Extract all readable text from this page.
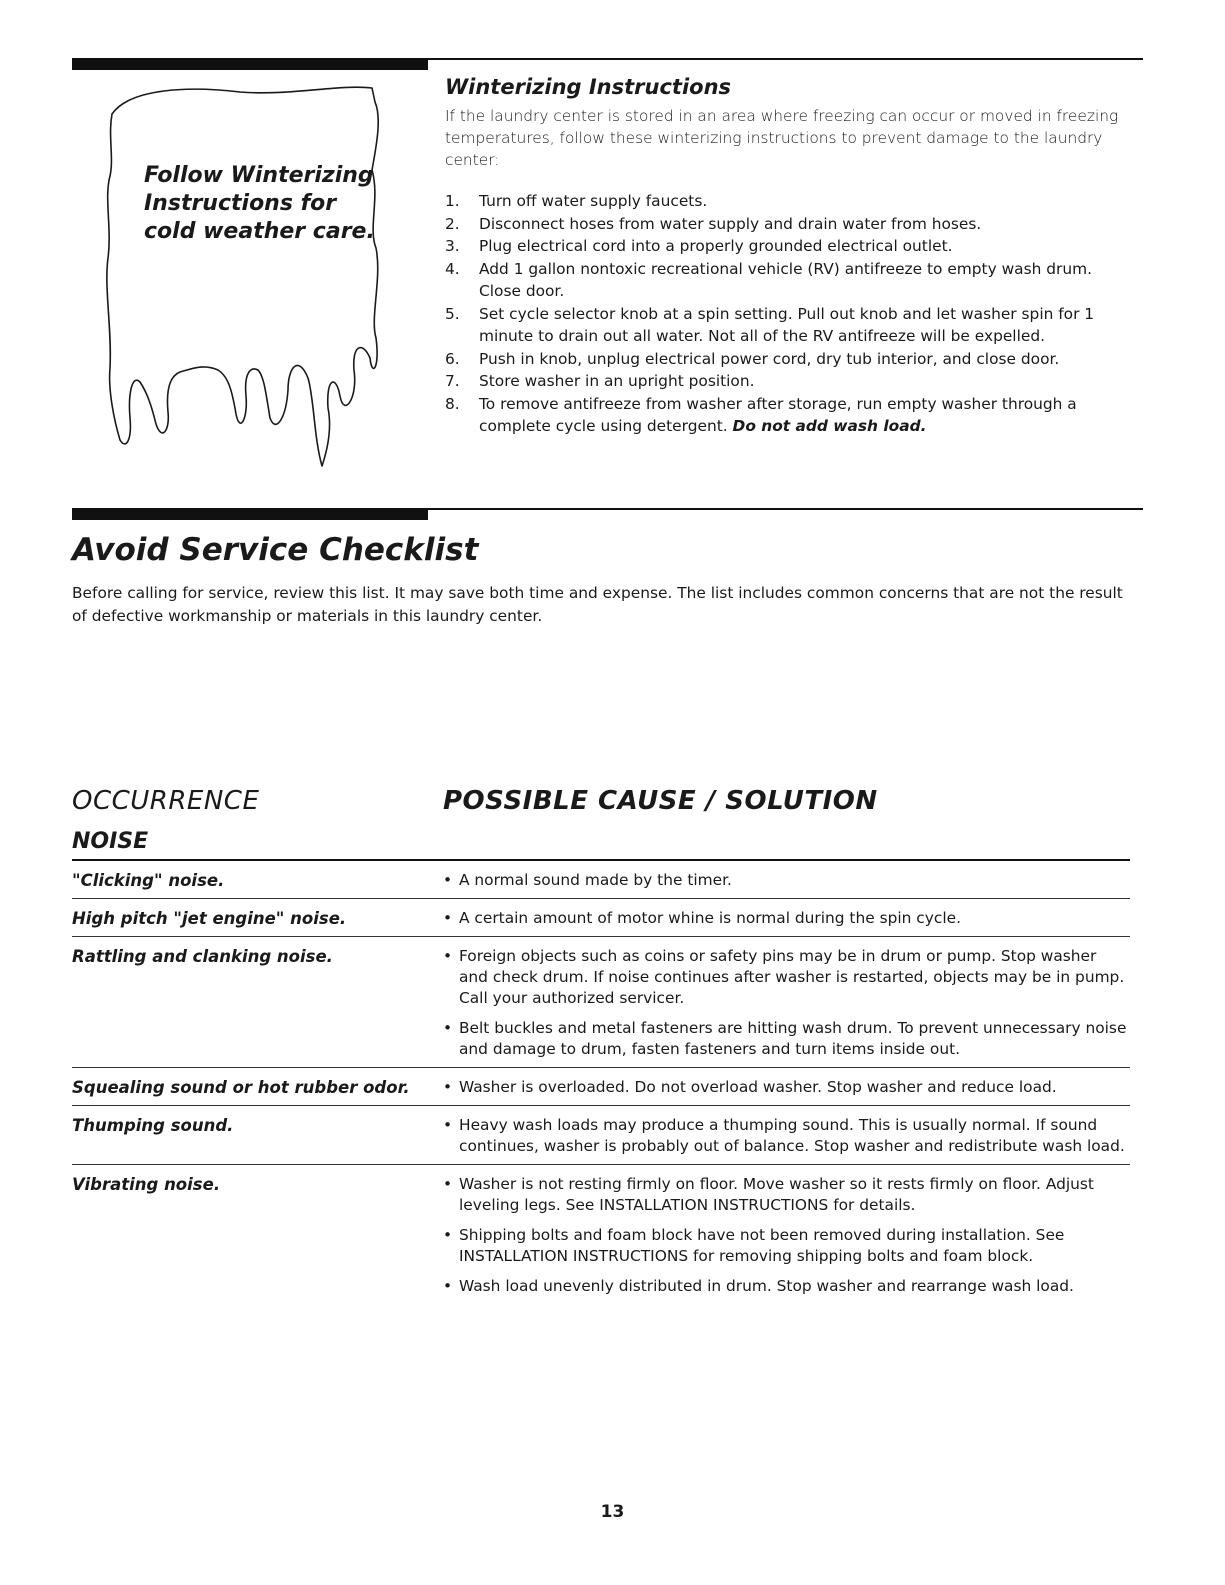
Follow Winterizing Instructions for cold weather care.
Winterizing Instructions
If the laundry center is stored in an area where freezing can occur or moved in freezing temperatures, follow these winterizing instructions to prevent damage to the laundry center:
1. Turn off water supply faucets.
2. Disconnect hoses from water supply and drain water from hoses.
3. Plug electrical cord into a properly grounded electrical outlet.
4. Add 1 gallon nontoxic recreational vehicle (RV) antifreeze to empty wash drum. Close door.
5. Set cycle selector knob at a spin setting. Pull out knob and let washer spin for 1 minute to drain out all water. Not all of the RV antifreeze will be expelled.
6. Push in knob, unplug electrical power cord, dry tub interior, and close door.
7. Store washer in an upright position.
8. To remove antifreeze from washer after storage, run empty washer through a complete cycle using detergent. Do not add wash load.
Avoid Service Checklist
Before calling for service, review this list. It may save both time and expense. The list includes common concerns that are not the result of defective workmanship or materials in this laundry center.
OCCURRENCE	POSSIBLE CAUSE / SOLUTION
NOISE
"Clicking" noise.	• A normal sound made by the timer.
High pitch "jet engine" noise.	• A certain amount of motor whine is normal during the spin cycle.
Rattling and clanking noise.	• Foreign objects such as coins or safety pins may be in drum or pump. Stop washer and check drum. If noise continues after washer is restarted, objects may be in pump. Call your authorized servicer.
• Belt buckles and metal fasteners are hitting wash drum. To prevent unnecessary noise and damage to drum, fasten fasteners and turn items inside out.
Squealing sound or hot rubber odor.	• Washer is overloaded. Do not overload washer. Stop washer and reduce load.
Thumping sound.	• Heavy wash loads may produce a thumping sound. This is usually normal. If sound continues, washer is probably out of balance. Stop washer and redistribute wash load.
Vibrating noise.	• Washer is not resting firmly on floor. Move washer so it rests firmly on floor. Adjust leveling legs. See INSTALLATION INSTRUCTIONS for details.
• Shipping bolts and foam block have not been removed during installation. See INSTALLATION INSTRUCTIONS for removing shipping bolts and foam block.
• Wash load unevenly distributed in drum. Stop washer and rearrange wash load.
13
